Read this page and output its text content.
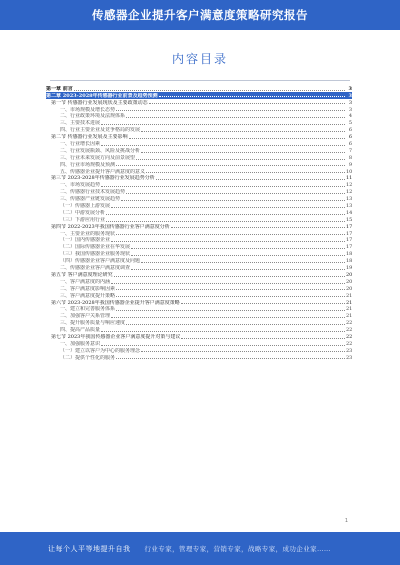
传感器企业提升客户满意度策略研究报告
内容目录
第一章 前言	3
第二章 2023-2028年传感器行业前景及趋势预测	3
第一节 传感器行业发展现状及主要政策动态	3
一、市场规模及增长态势	3
二、行业政策环境及法规体系	4
三、主要技术进展	5
四、行业主要企业及竞争格局的发展	6
第二节 传感器行业发展及主要影响	6
一、行业增长因素	6
二、行业发展瓶颈、风险及挑战分析	7
三、行业未来发展方向及前景展望	8
四、行业市场规模及预测	9
五、传感器企业提升客户满意度的意义	10
第三节 2023-2028年传感器行业发展趋势分析	11
一、市场发展趋势	12
二、传感器行业技术发展趋势	12
三、传感器产业链发展趋势	13
（一）传感器上游发展	13
（二）中游发展分析	14
（三）下游应用行业	15
第四节 2022-2023年我国传感器行业客户满意度分析	17
一、主要企业的服务现状	17
（一）国内传感器企业	17
（二）国际传感器企业在华发展	17
（三）我国传感器企业服务现状	18
（四）传感器企业客户满意度及问题	18
二、传感器企业客户满意度调查	19
第五节 客户满意度理论研究	20
一、客户满意度的内涵	20
二、客户满意度影响因素	20
三、客户满意度提升策略	21
第六节 2023-2028年我国传感器企业提升客户满意度策略	21
一、建立和完善服务体系	21
二、加强客户关系管理	21
三、提升服务质量与响应速度	22
四、提高产品质量	22
第七节 2023年我国传感器企业客户满意度提升对策与建议	22
一、加强服务意识	22
（一）建立以客户为中心的服务理念	23
（二）提供个性化的服务	23
1
让每个人平等地提升自我 行业专家，管理专家，营销专家，战略专家，成功企业家……
